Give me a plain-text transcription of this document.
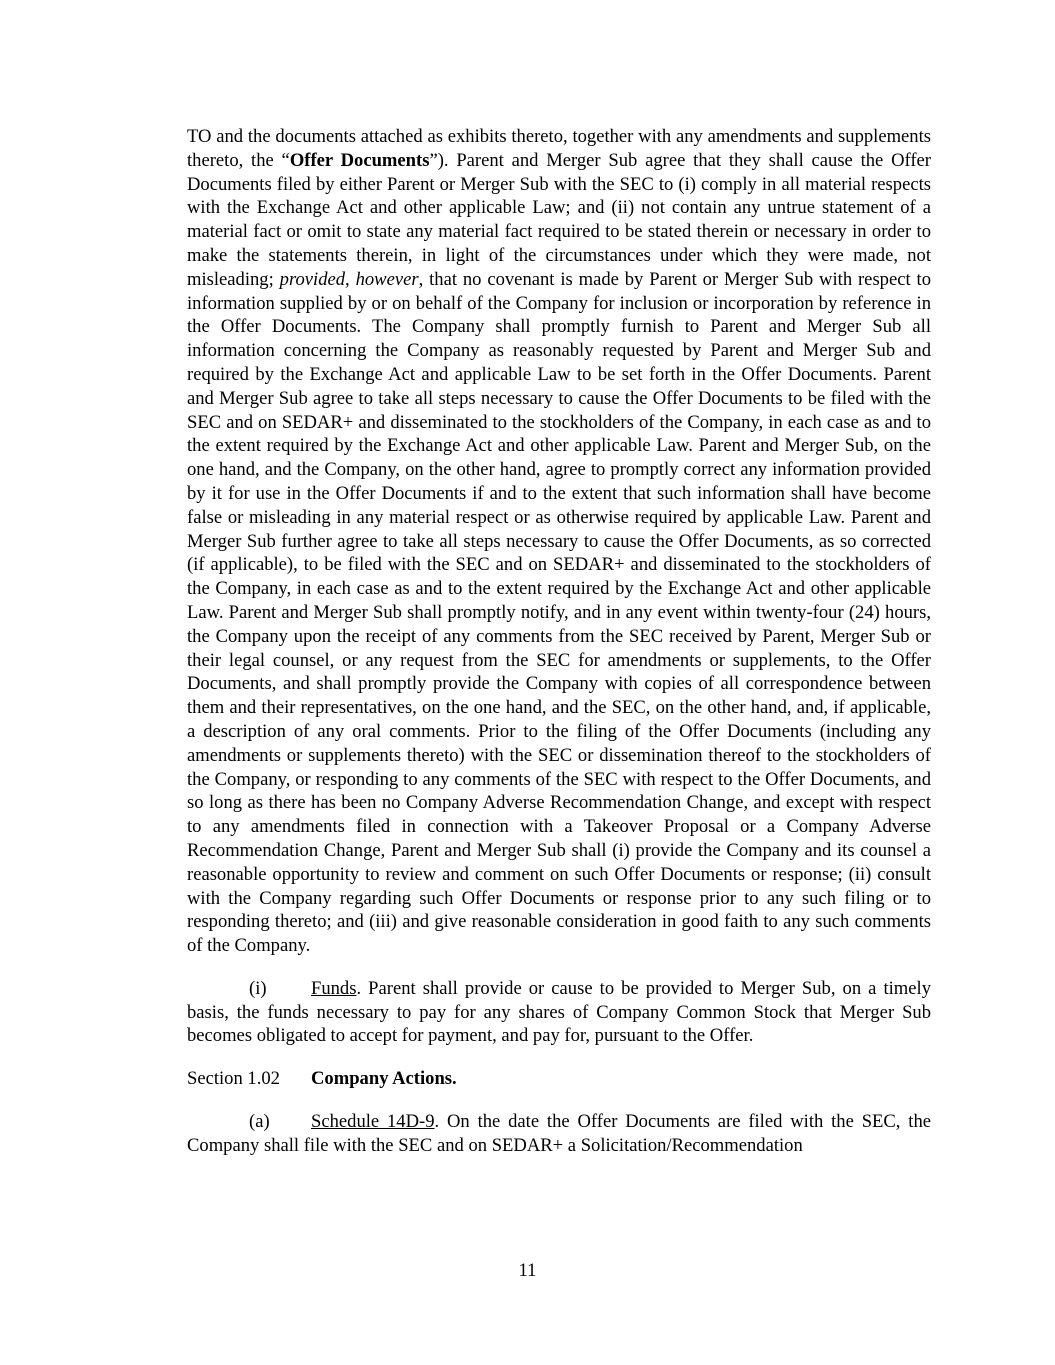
TO and the documents attached as exhibits thereto, together with any amendments and supplements thereto, the “Offer Documents”). Parent and Merger Sub agree that they shall cause the Offer Documents filed by either Parent or Merger Sub with the SEC to (i) comply in all material respects with the Exchange Act and other applicable Law; and (ii) not contain any untrue statement of a material fact or omit to state any material fact required to be stated therein or necessary in order to make the statements therein, in light of the circumstances under which they were made, not misleading; provided, however, that no covenant is made by Parent or Merger Sub with respect to information supplied by or on behalf of the Company for inclusion or incorporation by reference in the Offer Documents. The Company shall promptly furnish to Parent and Merger Sub all information concerning the Company as reasonably requested by Parent and Merger Sub and required by the Exchange Act and applicable Law to be set forth in the Offer Documents. Parent and Merger Sub agree to take all steps necessary to cause the Offer Documents to be filed with the SEC and on SEDAR+ and disseminated to the stockholders of the Company, in each case as and to the extent required by the Exchange Act and other applicable Law. Parent and Merger Sub, on the one hand, and the Company, on the other hand, agree to promptly correct any information provided by it for use in the Offer Documents if and to the extent that such information shall have become false or misleading in any material respect or as otherwise required by applicable Law. Parent and Merger Sub further agree to take all steps necessary to cause the Offer Documents, as so corrected (if applicable), to be filed with the SEC and on SEDAR+ and disseminated to the stockholders of the Company, in each case as and to the extent required by the Exchange Act and other applicable Law. Parent and Merger Sub shall promptly notify, and in any event within twenty-four (24) hours, the Company upon the receipt of any comments from the SEC received by Parent, Merger Sub or their legal counsel, or any request from the SEC for amendments or supplements, to the Offer Documents, and shall promptly provide the Company with copies of all correspondence between them and their representatives, on the one hand, and the SEC, on the other hand, and, if applicable, a description of any oral comments. Prior to the filing of the Offer Documents (including any amendments or supplements thereto) with the SEC or dissemination thereof to the stockholders of the Company, or responding to any comments of the SEC with respect to the Offer Documents, and so long as there has been no Company Adverse Recommendation Change, and except with respect to any amendments filed in connection with a Takeover Proposal or a Company Adverse Recommendation Change, Parent and Merger Sub shall (i) provide the Company and its counsel a reasonable opportunity to review and comment on such Offer Documents or response; (ii) consult with the Company regarding such Offer Documents or response prior to any such filing or to responding thereto; and (iii) and give reasonable consideration in good faith to any such comments of the Company.

(i) Funds. Parent shall provide or cause to be provided to Merger Sub, on a timely basis, the funds necessary to pay for any shares of Company Common Stock that Merger Sub becomes obligated to accept for payment, and pay for, pursuant to the Offer.

Section 1.02 Company Actions.

(a) Schedule 14D-9. On the date the Offer Documents are filed with the SEC, the Company shall file with the SEC and on SEDAR+ a Solicitation/Recommendation

11
